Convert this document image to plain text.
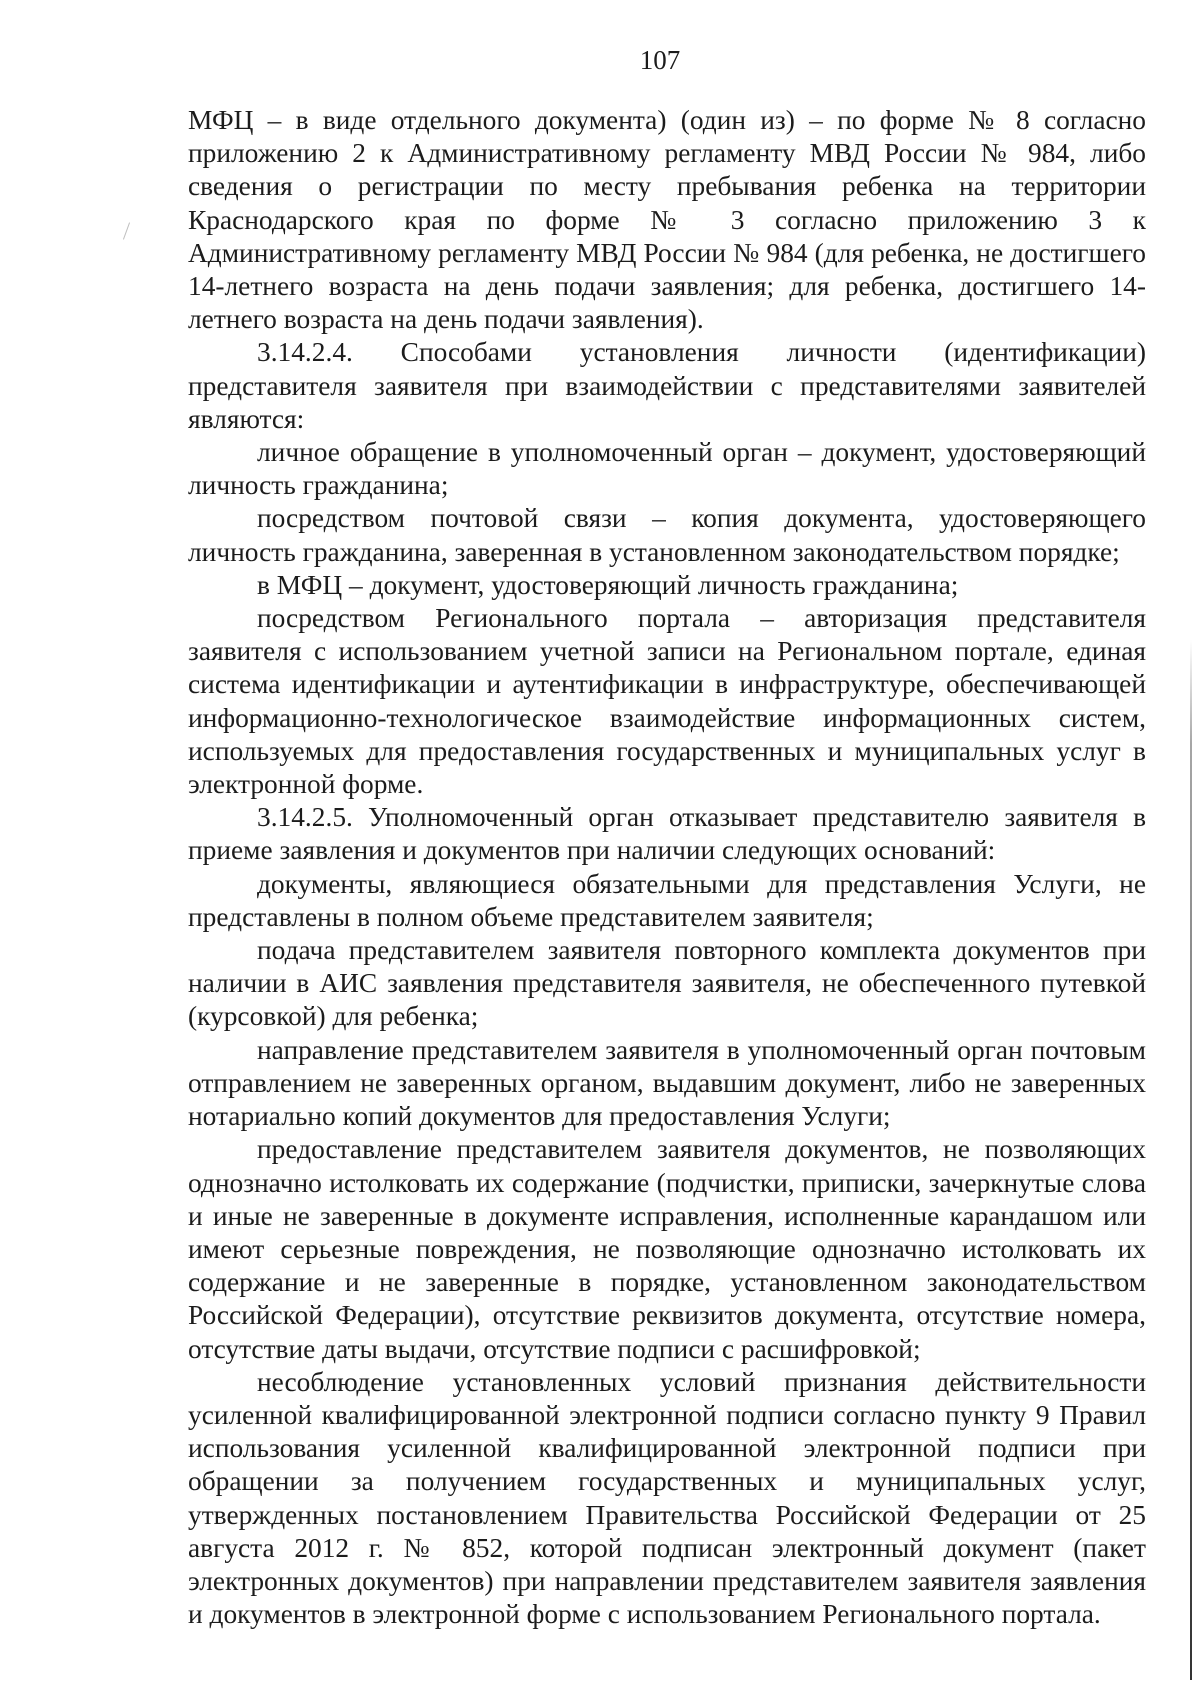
107

МФЦ – в виде отдельного документа) (один из) – по форме № 8 согласно приложению 2 к Административному регламенту МВД России № 984, либо сведения о регистрации по месту пребывания ребенка на территории Краснодарского края по форме № 3 согласно приложению 3 к Административному регламенту МВД России № 984 (для ребенка, не достигшего 14-летнего возраста на день подачи заявления; для ребенка, достигшего 14-летнего возраста на день подачи заявления).

3.14.2.4. Способами установления личности (идентификации) представителя заявителя при взаимодействии с представителями заявителей являются:

личное обращение в уполномоченный орган – документ, удостоверяющий личность гражданина;

посредством почтовой связи – копия документа, удостоверяющего личность гражданина, заверенная в установленном законодательством порядке;

в МФЦ – документ, удостоверяющий личность гражданина;

посредством Регионального портала – авторизация представителя заявителя с использованием учетной записи на Региональном портале, единая система идентификации и аутентификации в инфраструктуре, обеспечивающей информационно-технологическое взаимодействие информационных систем, используемых для предоставления государственных и муниципальных услуг в электронной форме.

3.14.2.5. Уполномоченный орган отказывает представителю заявителя в приеме заявления и документов при наличии следующих оснований:

документы, являющиеся обязательными для представления Услуги, не представлены в полном объеме представителем заявителя;

подача представителем заявителя повторного комплекта документов при наличии в АИС заявления представителя заявителя, не обеспеченного путевкой (курсовкой) для ребенка;

направление представителем заявителя в уполномоченный орган почтовым отправлением не заверенных органом, выдавшим документ, либо не заверенных нотариально копий документов для предоставления Услуги;

предоставление представителем заявителя документов, не позволяющих однозначно истолковать их содержание (подчистки, приписки, зачеркнутые слова и иные не заверенные в документе исправления, исполненные карандашом или имеют серьезные повреждения, не позволяющие однозначно истолковать их содержание и не заверенные в порядке, установленном законодательством Российской Федерации), отсутствие реквизитов документа, отсутствие номера, отсутствие даты выдачи, отсутствие подписи с расшифровкой;

несоблюдение установленных условий признания действительности усиленной квалифицированной электронной подписи согласно пункту 9 Правил использования усиленной квалифицированной электронной подписи при обращении за получением государственных и муниципальных услуг, утвержденных постановлением Правительства Российской Федерации от 25 августа 2012 г. № 852, которой подписан электронный документ (пакет электронных документов) при направлении представителем заявителя заявления и документов в электронной форме с использованием Регионального портала.
